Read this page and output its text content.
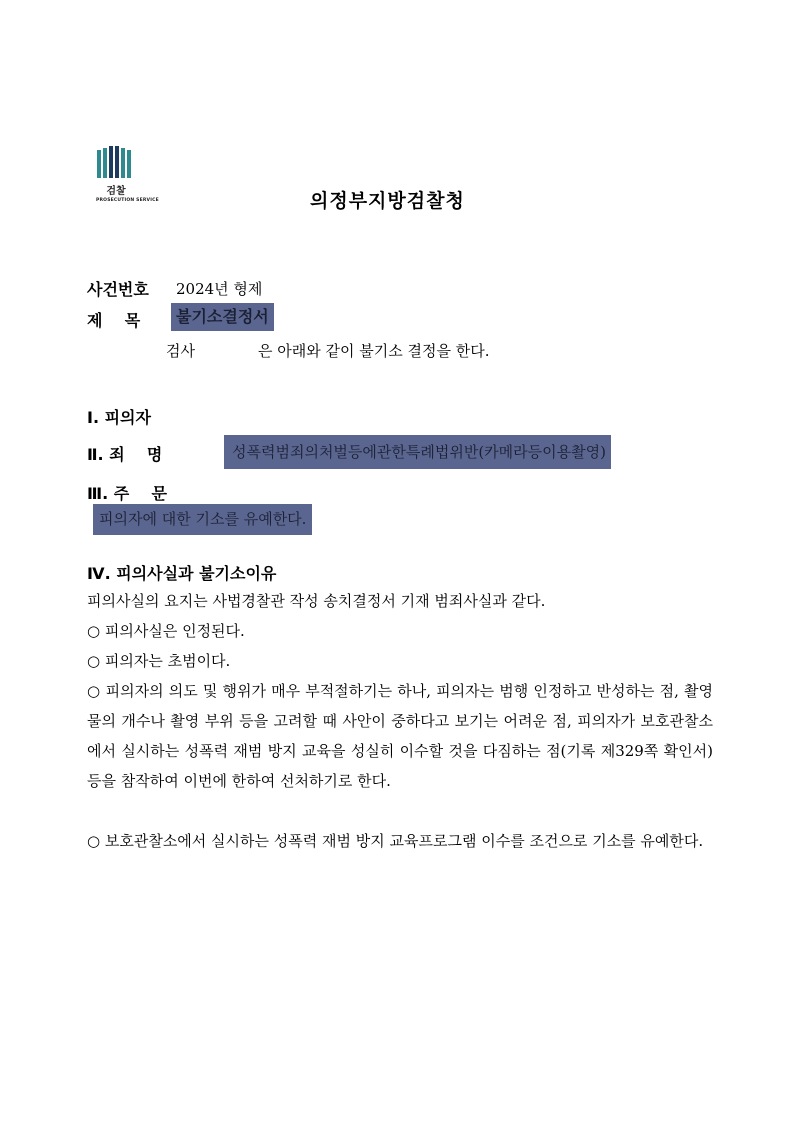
검찰
PROSECUTION SERVICE	의정부지방검찰청
사건번호 2024년 형제
제    목	불기소결정서
검사	은 아래와 같이 불기소 결정을 한다.
Ⅰ. 피의자
Ⅱ. 죄    명	성폭력범죄의처벌등에관한특례법위반(카메라등이용촬영)
Ⅲ. 주    문
피의자에 대한 기소를 유예한다.
Ⅳ. 피의사실과 불기소이유
피의사실의 요지는 사법경찰관 작성 송치결정서 기재 범죄사실과 같다.
○ 피의사실은 인정된다.
○ 피의자는 초범이다.
○ 피의자의 의도 및 행위가 매우 부적절하기는 하나, 피의자는 범행 인정하고 반성하는 점, 촬영물의 개수나 촬영 부위 등을 고려할 때 사안이 중하다고 보기는 어려운 점, 피의자가 보호관찰소에서 실시하는 성폭력 재범 방지 교육을 성실히 이수할 것을 다짐하는 점(기록 제329쪽 확인서) 등을 참작하여 이번에 한하여 선처하기로 한다.
○ 보호관찰소에서 실시하는 성폭력 재범 방지 교육프로그램 이수를 조건으로 기소를 유예한다.
